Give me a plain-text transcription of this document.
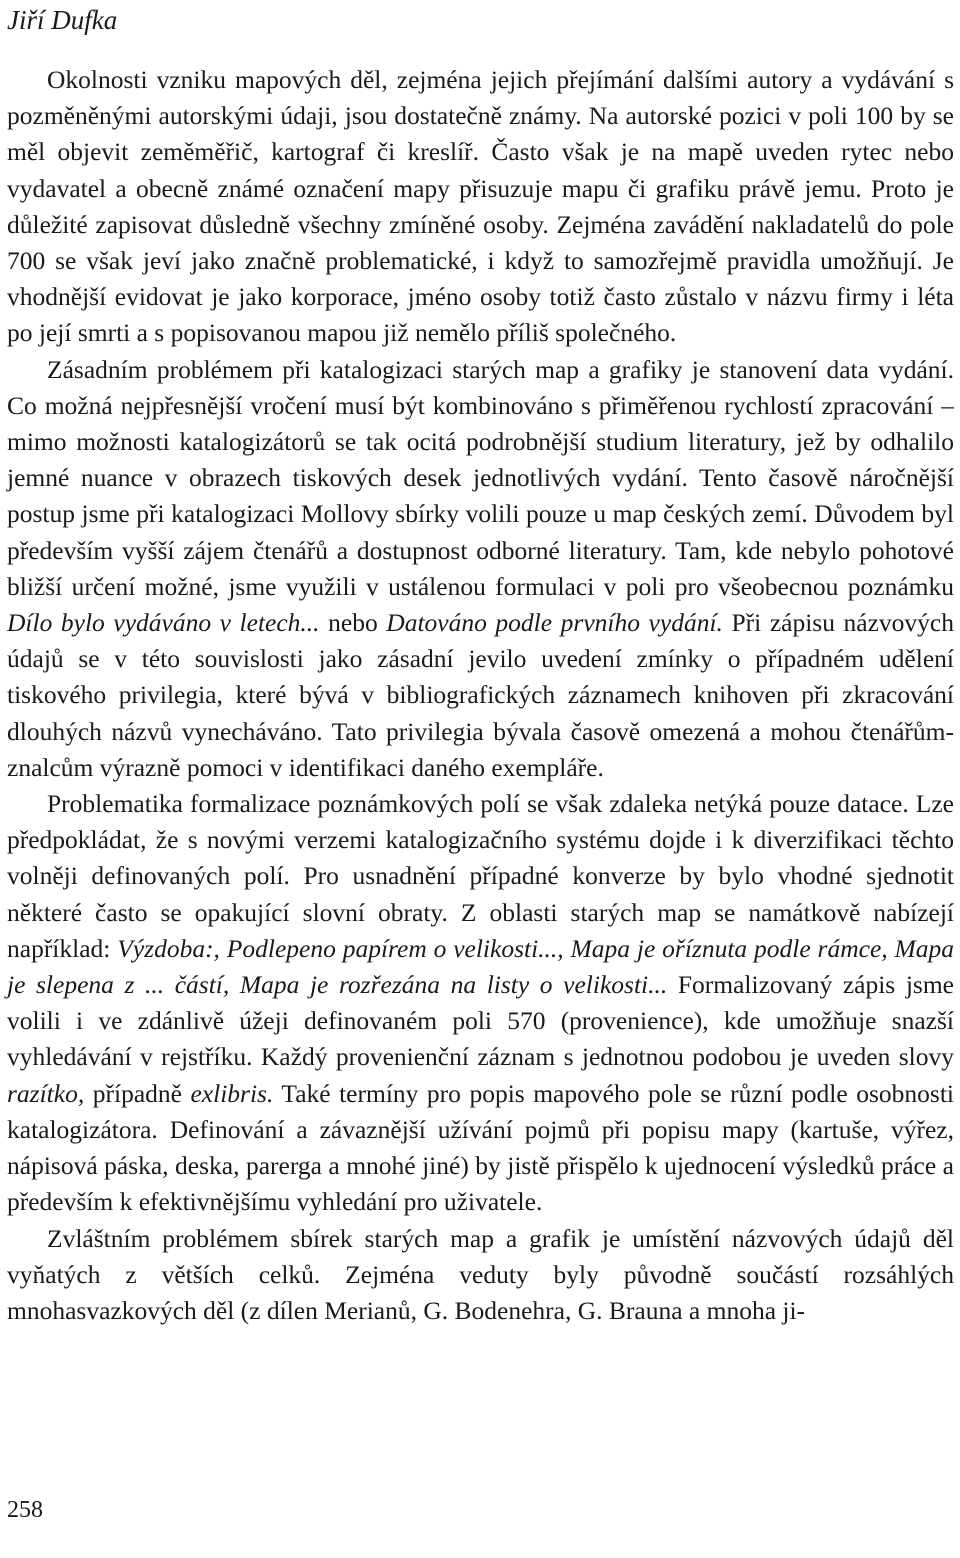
Jiří Dufka

Okolnosti vzniku mapových děl, zejména jejich přejímání dalšími autory a vydávání s pozměněnými autorskými údaji, jsou dostatečně známy. Na autorské pozici v poli 100 by se měl objevit zeměměřič, kartograf či kreslíř. Často však je na mapě uveden rytec nebo vydavatel a obecně známé označení mapy přisuzuje mapu či grafiku právě jemu. Proto je důležité zapisovat důsledně všechny zmíněné osoby. Zejména zavádění nakladatelů do pole 700 se však jeví jako značně problematické, i když to samozřejmě pravidla umožňují. Je vhodnější evidovat je jako korporace, jméno osoby totiž často zůstalo v názvu firmy i léta po její smrti a s popisovanou mapou již nemělo příliš společného.

Zásadním problémem při katalogizaci starých map a grafiky je stanovení data vydání. Co možná nejpřesnější vročení musí být kombinováno s přiměřenou rychlostí zpracování – mimo možnosti katalogizátorů se tak ocitá podrobnější studium literatury, jež by odhalilo jemné nuance v obrazech tiskových desek jednotlivých vydání. Tento časově náročnější postup jsme při katalogizaci Mollovy sbírky volili pouze u map českých zemí. Důvodem byl především vyšší zájem čtenářů a dostupnost odborné literatury. Tam, kde nebylo pohotové bližší určení možné, jsme využili v ustálenou formulaci v poli pro všeobecnou poznámku Dílo bylo vydáváno v letech... nebo Datováno podle prvního vydání. Při zápisu názvových údajů se v této souvislosti jako zásadní jevilo uvedení zmínky o případném udělení tiskového privilegia, které bývá v bibliografických záznamech knihoven při zkracování dlouhých názvů vynecháváno. Tato privilegia bývala časově omezená a mohou čtenářům-znalcům výrazně pomoci v identifikaci daného exempláře.

Problematika formalizace poznámkových polí se však zdaleka netýká pouze datace. Lze předpokládat, že s novými verzemi katalogizačního systému dojde i k diverzifikaci těchto volněji definovaných polí. Pro usnadnění případné konverze by bylo vhodné sjednotit některé často se opakující slovní obraty. Z oblasti starých map se namátkově nabízejí například: Výzdoba:, Podlepeno papírem o velikosti..., Mapa je oříznuta podle rámce, Mapa je slepena z ... částí, Mapa je rozřezána na listy o velikosti... Formalizovaný zápis jsme volili i ve zdánlivě úžeji definovaném poli 570 (provenience), kde umožňuje snazší vyhledávání v rejstříku. Každý provenienční záznam s jednotnou podobou je uveden slovy razítko, případně exlibris. Také termíny pro popis mapového pole se různí podle osobnosti katalogizátora. Definování a závaznější užívání pojmů při popisu mapy (kartuše, výřez, nápisová páska, deska, parerga a mnohé jiné) by jistě přispělo k ujednocení výsledků práce a především k efektivnějšímu vyhledání pro uživatele.

Zvláštním problémem sbírek starých map a grafik je umístění názvových údajů děl vyňatých z větších celků. Zejména veduty byly původně součástí rozsáhlých mnohasvazkových děl (z dílen Merianů, G. Bodenehra, G. Brauna a mnoha ji-

258
